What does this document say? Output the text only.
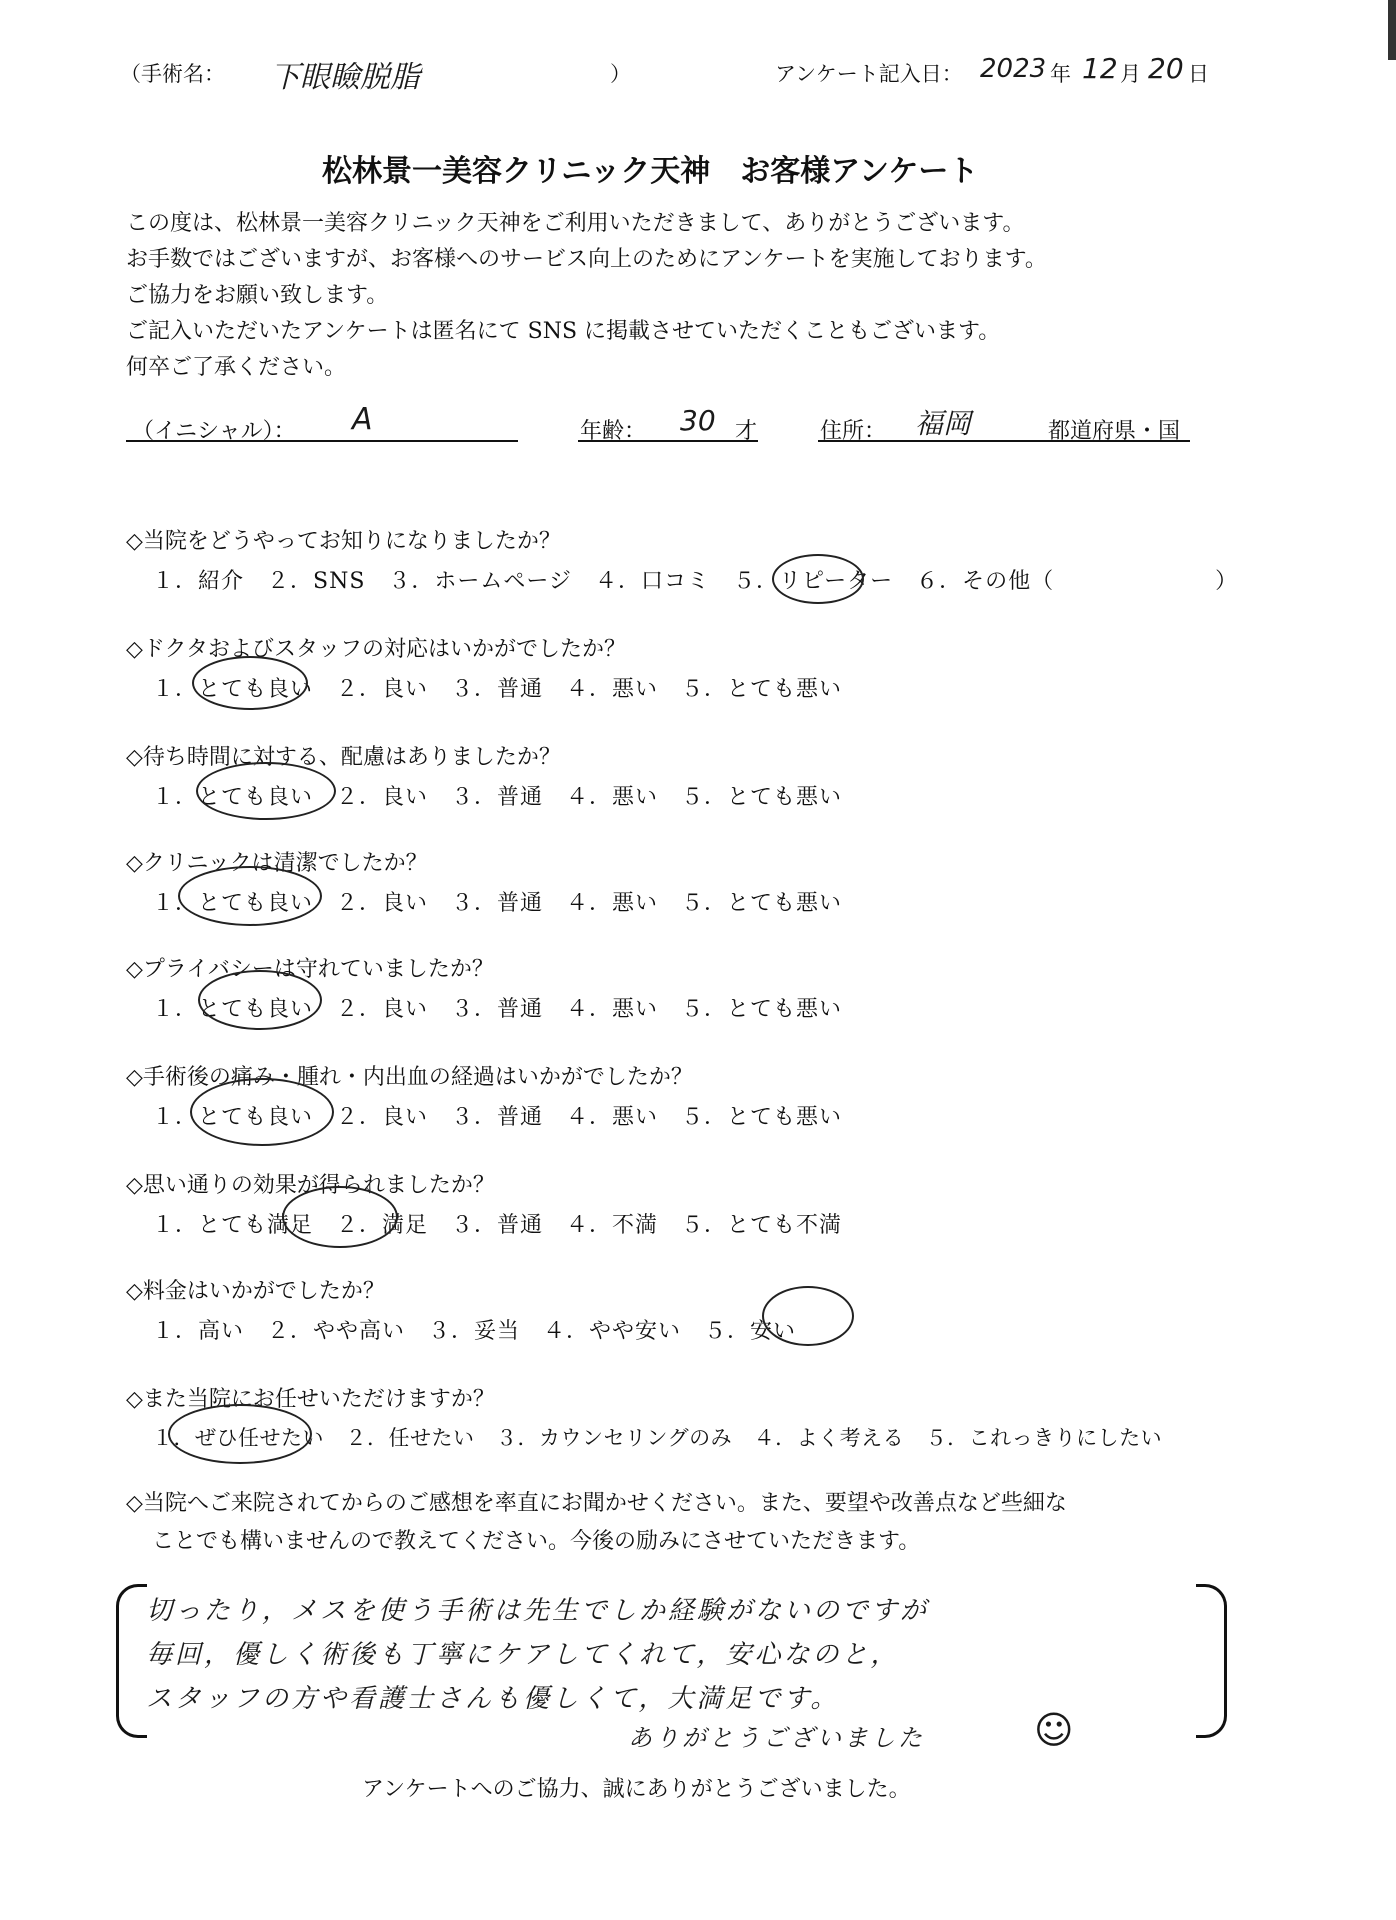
（手術名： 下眼瞼脱脂	）	アンケート記入日： 2023 年 12 月 20 日
松林景一美容クリニック天神　お客様アンケート
この度は、松林景一美容クリニック天神をご利用いただきまして、ありがとうございます。
お手数ではございますが、お客様へのサービス向上のためにアンケートを実施しております。
ご協力をお願い致します。
ご記入いただいたアンケートは匿名にて SNS に掲載させていただくこともございます。
何卒ご了承ください。
（イニシャル）： A	年齢： 30 才	住所： 福岡	都道府県・国
◇当院をどうやってお知りになりましたか？
１．紹介　２．SNS　３．ホームページ　４．口コミ　５．リピーター　６．その他（　　　　　　　）
◇ドクタおよびスタッフの対応はいかがでしたか？
１．とても良い　２．良い　３．普通　４．悪い　５．とても悪い
◇待ち時間に対する、配慮はありましたか？
１．とても良い　２．良い　３．普通　４．悪い　５．とても悪い
◇クリニックは清潔でしたか？
１．とても良い　２．良い　３．普通　４．悪い　５．とても悪い
◇プライバシーは守れていましたか？
１．とても良い　２．良い　３．普通　４．悪い　５．とても悪い
◇手術後の痛み・腫れ・内出血の経過はいかがでしたか？
１．とても良い　２．良い　３．普通　４．悪い　５．とても悪い
◇思い通りの効果が得られましたか？
１．とても満足　２．満足　３．普通　４．不満　５．とても不満
◇料金はいかがでしたか？
１．高い　２．やや高い　３．妥当　４．やや安い　５．安い
◇また当院にお任せいただけますか？
１．ぜひ任せたい　２．任せたい　３．カウンセリングのみ　４．よく考える　５．これっきりにしたい
◇当院へご来院されてからのご感想を率直にお聞かせください。また、要望や改善点など些細な
ことでも構いませんので教えてください。今後の励みにさせていただきます。
切ったり，メスを使う手術は先生でしか経験がないのですが
毎回，優しく術後も丁寧にケアしてくれて，安心なのと，
スタッフの方や看護士さんも優しくて，大満足です。
ありがとうございました	☺
アンケートへのご協力、誠にありがとうございました。
